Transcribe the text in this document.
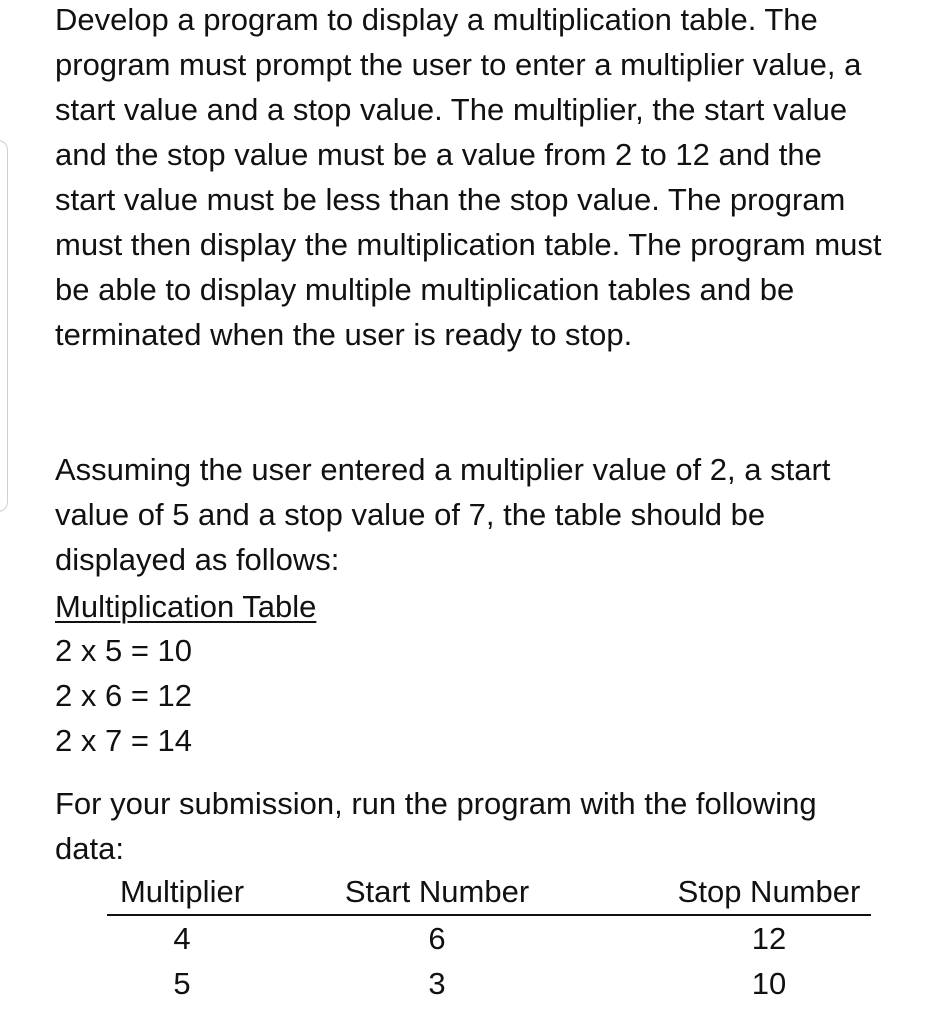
Develop a program to display a multiplication table. The program must prompt the user to enter a multiplier value, a start value and a stop value. The multiplier, the start value and the stop value must be a value from 2 to 12 and the start value must be less than the stop value. The program must then display the multiplication table. The program must be able to display multiple multiplication tables and be terminated when the user is ready to stop.

Assuming the user entered a multiplier value of 2, a start value of 5 and a stop value of 7, the table should be displayed as follows:

Multiplication Table
2 x 5 = 10
2 x 6 = 12
2 x 7 = 14

For your submission, run the program with the following data:

Multiplier	Start Number	Stop Number
4	6	12
5	3	10
